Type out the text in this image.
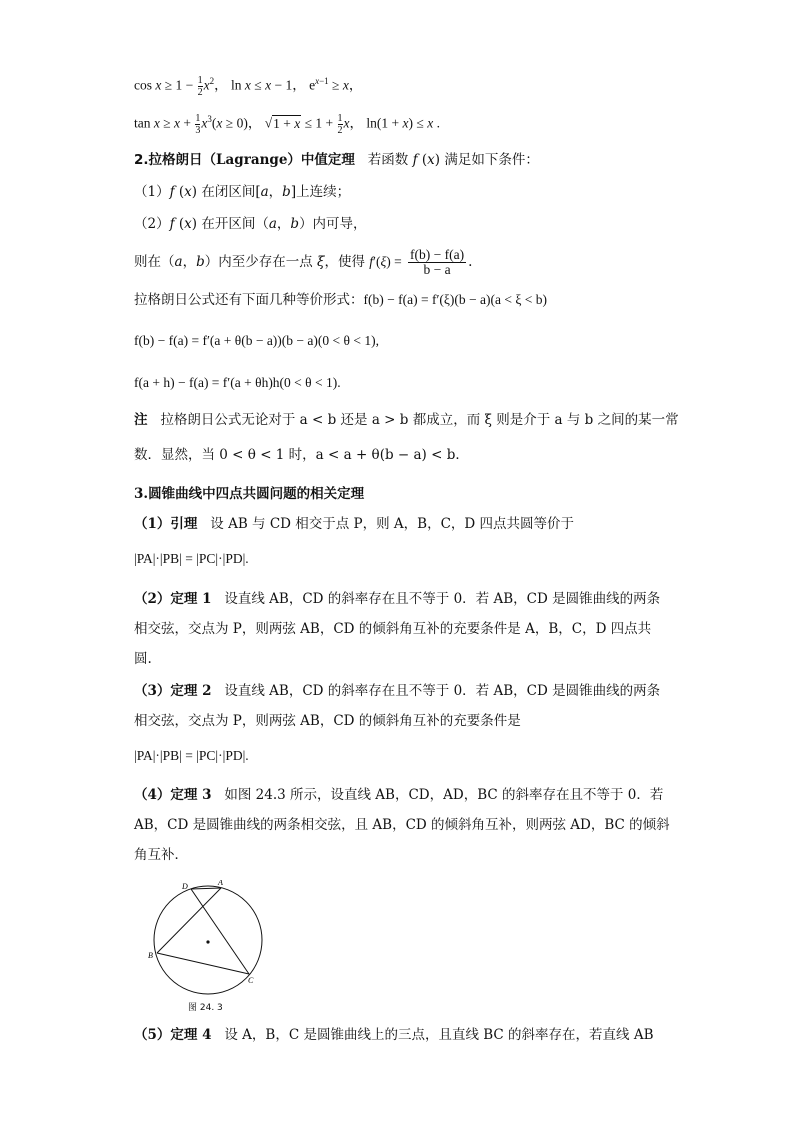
$\cos x \ge 1 - \frac{1}{2} x^2$， ln x ≤ x − 1， $e^{x-1} \ge x$，
$\tan x \ge x + \frac{1}{3} x^3(x \ge 0)$， $√1 + x \le 1 + \frac{1}{2}$ x， ln(1 + x) ≤ x .
2.拉格朗日（Lagrange）中值定理   若函数 f (x) 满足如下条件：
（1）f (x) 在闭区间[a，b]上连续；
（2）f (x) 在开区间（a，b）内可导，
则在（a，b）内至少存在一点 ξ，使得 $f'(\xi) = \frac{f(b) - f(a)}{b - a}$ .
拉格朗日公式还有下面几种等价形式：f(b) − f(a) = f′(ξ)(b − a)(a < ξ < b)
f(b) − f(a) = f′(a + θ(b − a))(b − a)(0 < θ < 1),
f(a + h) − f(a) = f′(a + θh)h(0 < θ < 1).
注 拉格朗日公式无论对于 a < b 还是 a > b 都成立，而 ξ 则是介于 a 与 b 之间的某一常
数．显然，当 0 < θ < 1 时，a < a + θ(b − a) < b．
3.圆锥曲线中四点共圆问题的相关定理
（1）引理 设 AB 与 CD 相交于点 P，则 A，B，C，D 四点共圆等价于
|PA|·|PB| = |PC|·|PD|.
（2）定理 1 设直线 AB，CD 的斜率存在且不等于 0．若 AB，CD 是圆锥曲线的两条
相交弦，交点为 P，则两弦 AB，CD 的倾斜角互补的充要条件是 A，B，C，D 四点共
圆.
（3）定理 2 设直线 AB，CD 的斜率存在且不等于 0．若 AB，CD 是圆锥曲线的两条
相交弦，交点为 P，则两弦 AB，CD 的倾斜角互补的充要条件是
|PA|·|PB| = |PC|·|PD|.
（4）定理 3 如图 24.3 所示，设直线 AB，CD，AD，BC 的斜率存在且不等于 0．若
AB，CD 是圆锥曲线的两条相交弦，且 AB，CD 的倾斜角互补，则两弦 AD，BC 的倾斜
角互补．
D	A
B
C
图 24. 3
（5）定理 4 设 A，B，C 是圆锥曲线上的三点，且直线 BC 的斜率存在，若直线 AB
